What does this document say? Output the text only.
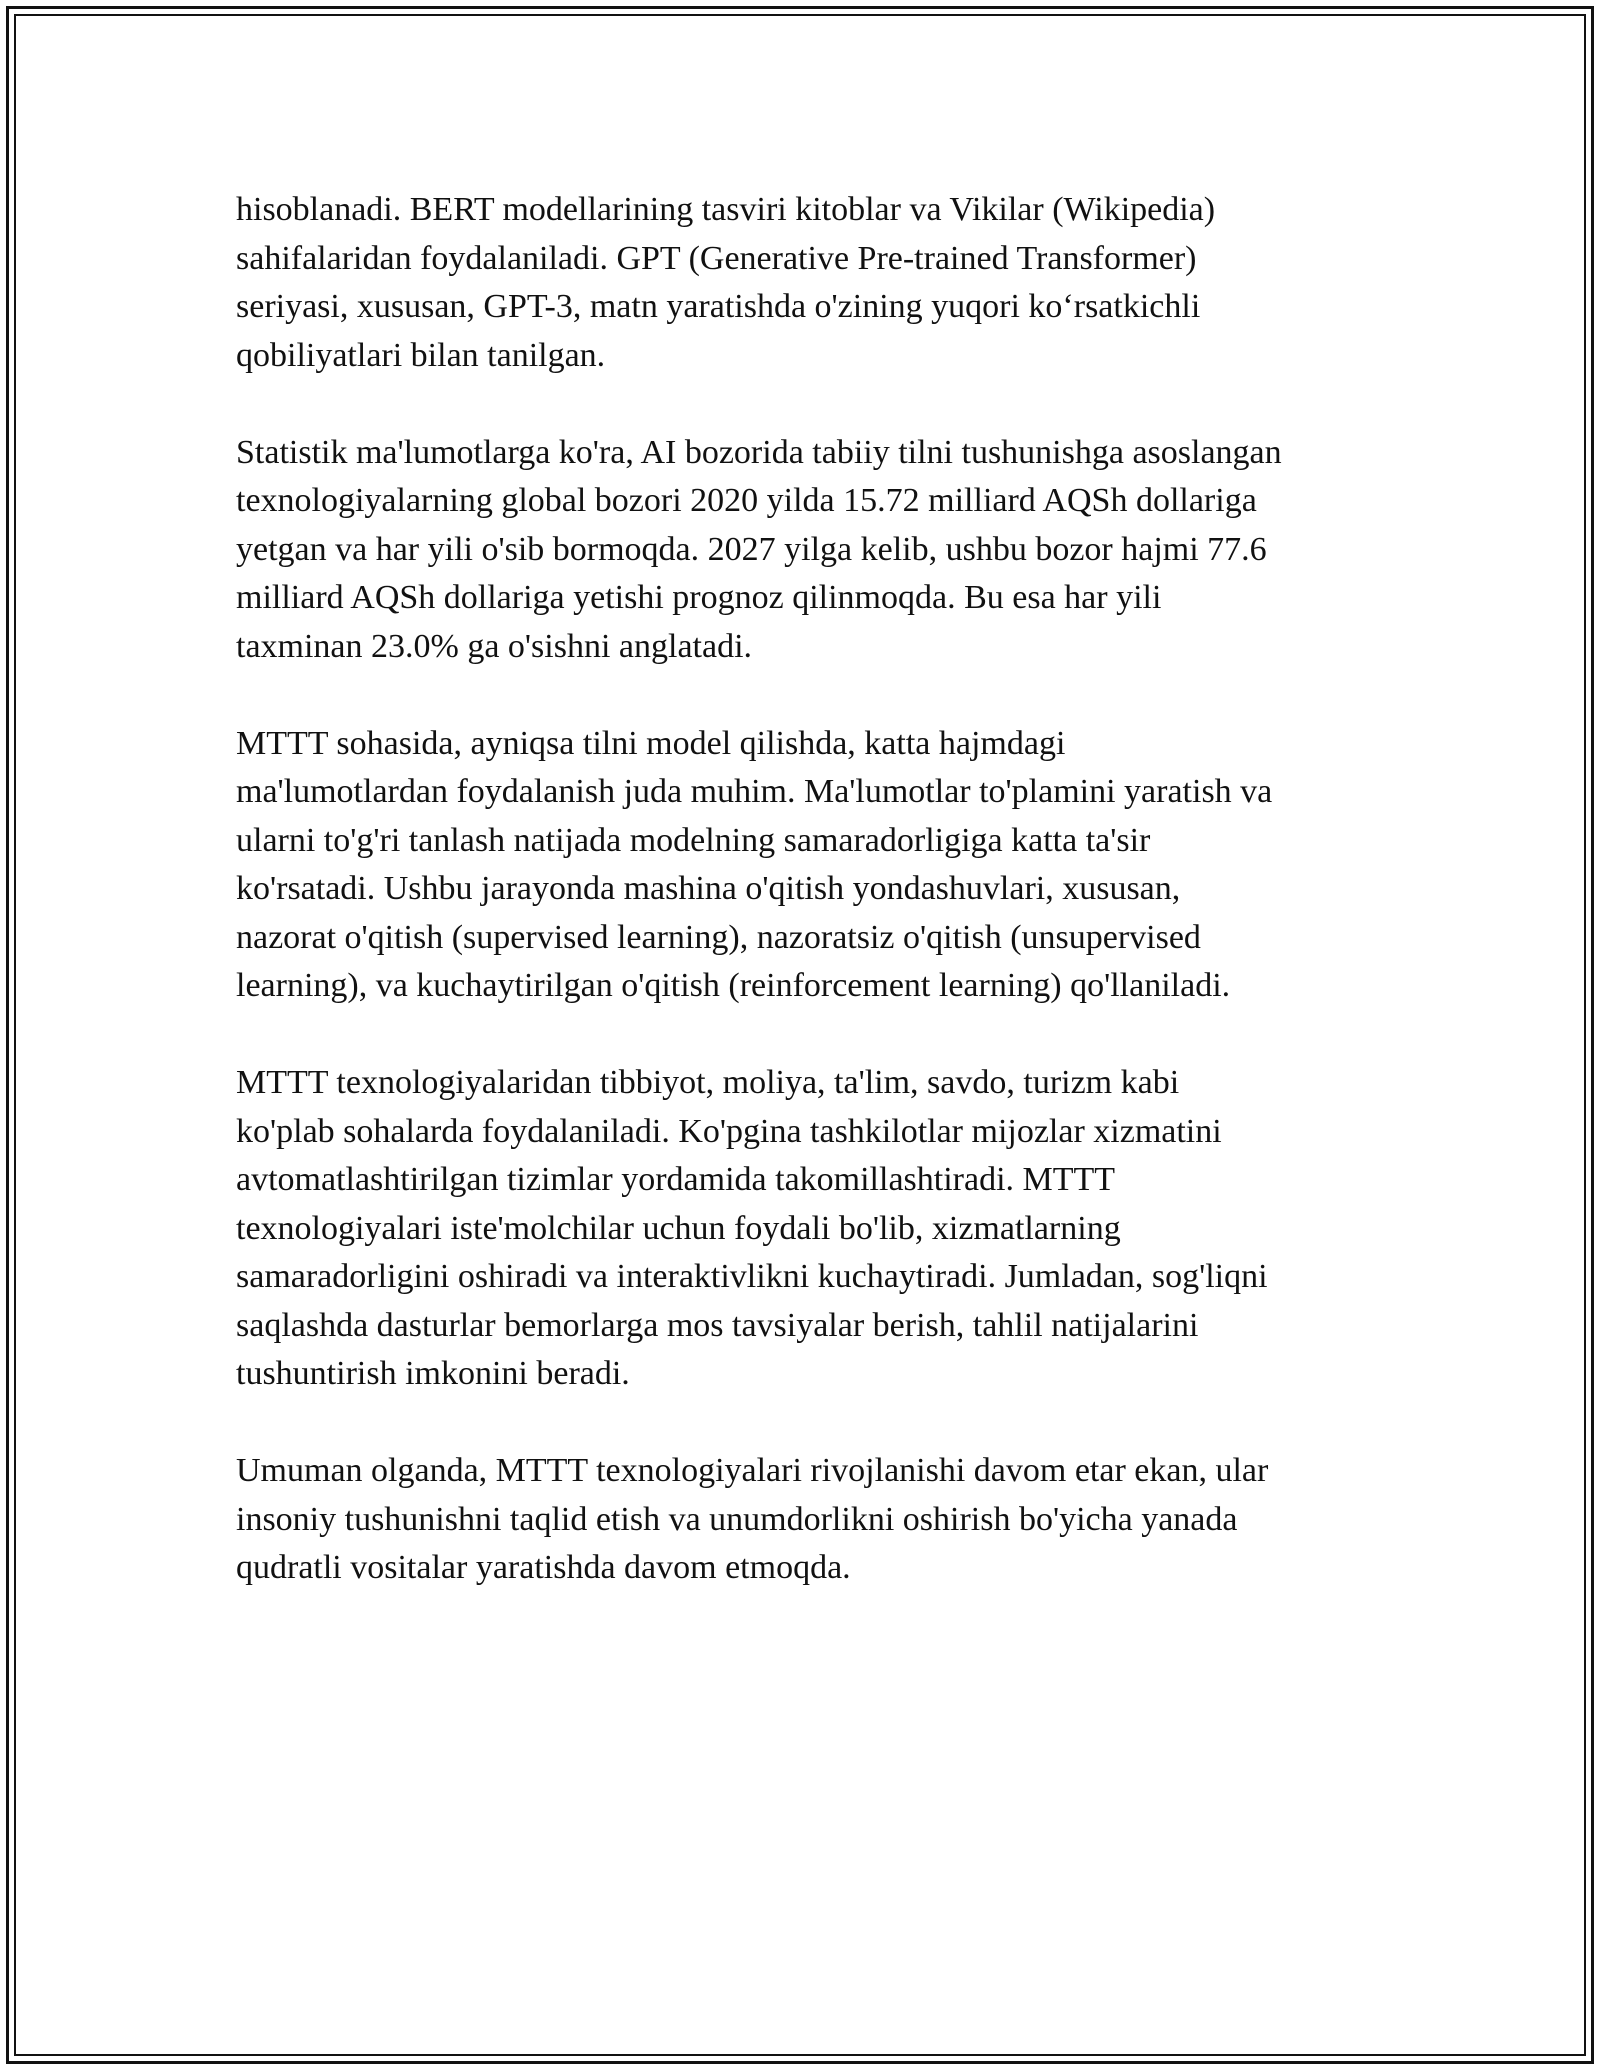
hisoblanadi. BERT modellarining tasviri kitoblar va Vikilar (Wikipedia)
sahifalaridan foydalaniladi. GPT (Generative Pre-trained Transformer)
seriyasi, xususan, GPT-3, matn yaratishda o'zining yuqori ko‘rsatkichli
qobiliyatlari bilan tanilgan.
Statistik ma'lumotlarga ko'ra, AI bozorida tabiiy tilni tushunishga asoslangan
texnologiyalarning global bozori 2020 yilda 15.72 milliard AQSh dollariga
yetgan va har yili o'sib bormoqda. 2027 yilga kelib, ushbu bozor hajmi 77.6
milliard AQSh dollariga yetishi prognoz qilinmoqda. Bu esa har yili
taxminan 23.0% ga o'sishni anglatadi.
MTTT sohasida, ayniqsa tilni model qilishda, katta hajmdagi
ma'lumotlardan foydalanish juda muhim. Ma'lumotlar to'plamini yaratish va
ularni to'g'ri tanlash natijada modelning samaradorligiga katta ta'sir
ko'rsatadi. Ushbu jarayonda mashina o'qitish yondashuvlari, xususan,
nazorat o'qitish (supervised learning), nazoratsiz o'qitish (unsupervised
learning), va kuchaytirilgan o'qitish (reinforcement learning) qo'llaniladi.
MTTT texnologiyalaridan tibbiyot, moliya, ta'lim, savdo, turizm kabi
ko'plab sohalarda foydalaniladi. Ko'pgina tashkilotlar mijozlar xizmatini
avtomatlashtirilgan tizimlar yordamida takomillashtiradi. MTTT
texnologiyalari iste'molchilar uchun foydali bo'lib, xizmatlarning
samaradorligini oshiradi va interaktivlikni kuchaytiradi. Jumladan, sog'liqni
saqlashda dasturlar bemorlarga mos tavsiyalar berish, tahlil natijalarini
tushuntirish imkonini beradi.
Umuman olganda, MTTT texnologiyalari rivojlanishi davom etar ekan, ular
insoniy tushunishni taqlid etish va unumdorlikni oshirish bo'yicha yanada
qudratli vositalar yaratishda davom etmoqda.
